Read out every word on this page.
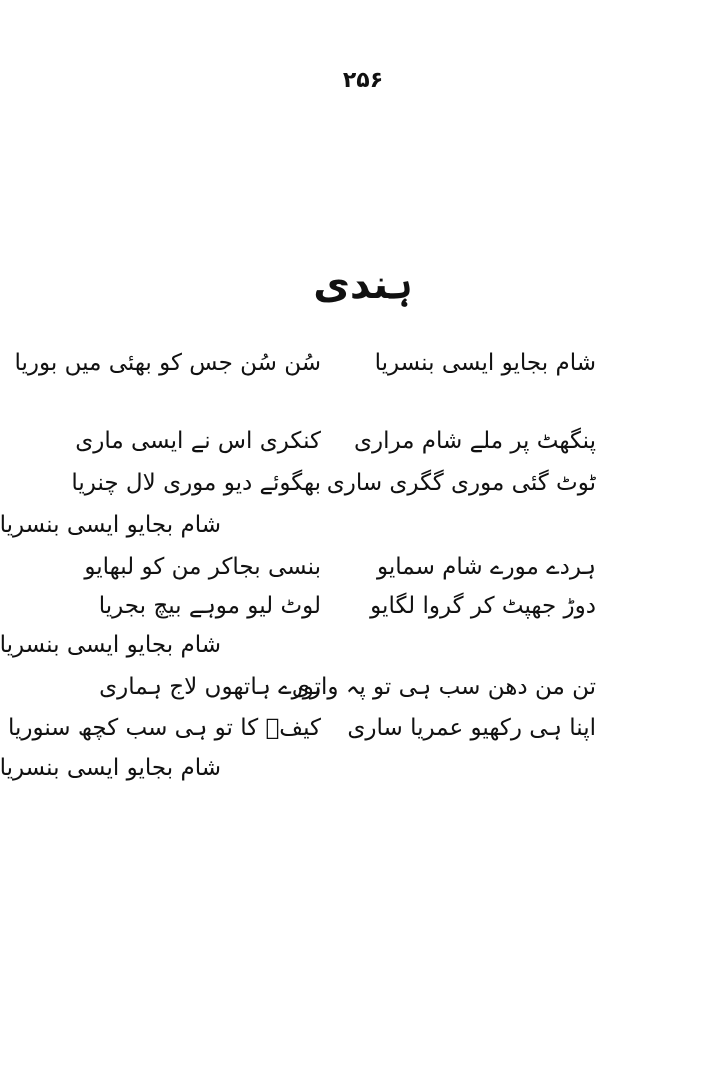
۲۵۶
ہندی
شام بجایو ایسی بنسریا
سُن سُن جس کو بھئی میں بوریا
پنگھٹ پر ملے شام مراری
کنکری اس نے ایسی ماری
ٹوٹ گئی موری گگری ساری
بھگوئے دیو موری لال چنریا
شام بجایو ایسی بنسریا
ہردے مورے شام سمایو
بنسی بجاکر من کو لبھایو
دوڑ جھپٹ کر گروا لگایو
لوٹ لیو موہے بیچ بجریا
شام بجایو ایسی بنسریا
تن من دھن سب ہی تو پہ واری
تورے ہاتھوں لاج ہماری
اپنا ہی رکھیو عمریا ساری
کیفؔ کا تو ہی سب کچھ سنوریا
شام بجایو ایسی بنسریا
